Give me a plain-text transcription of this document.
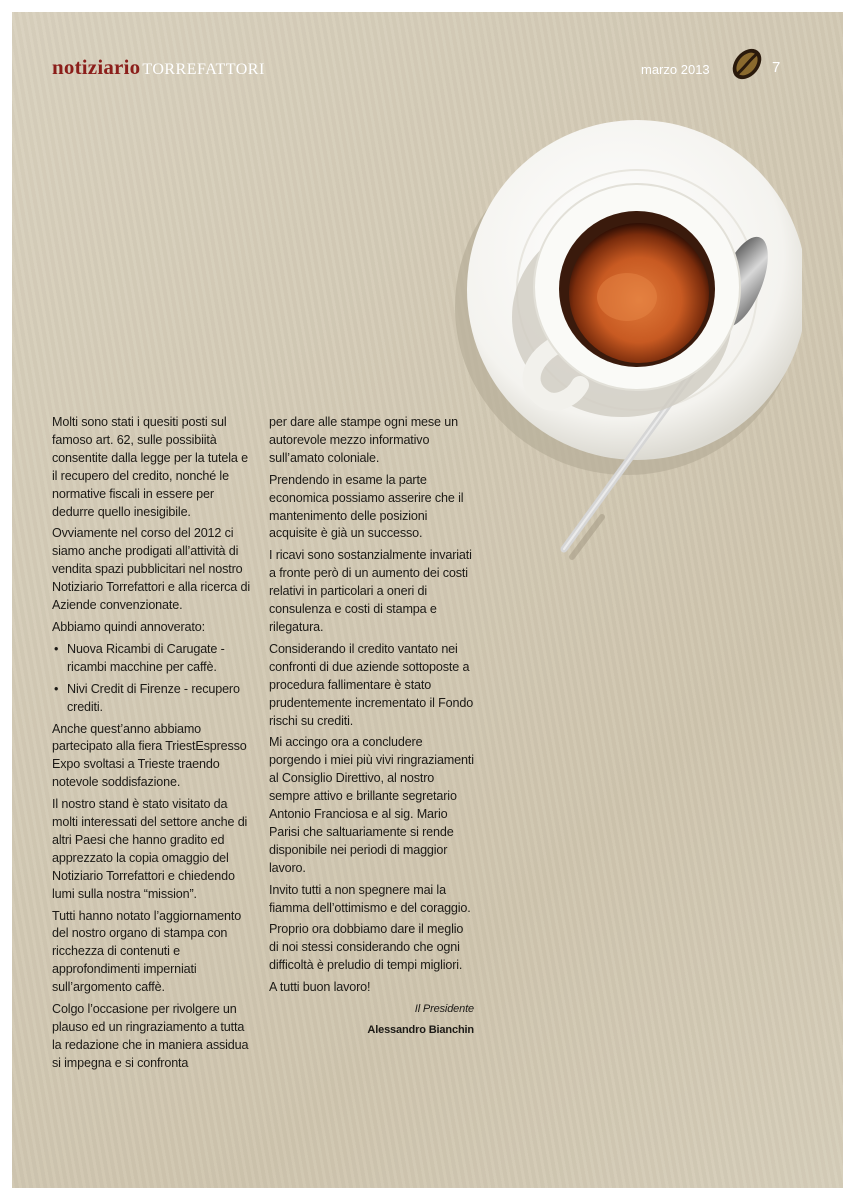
notiziario TORREFATTORI	marzo 2013	7

Molti sono stati i quesiti posti sul famoso art. 62, sulle possibiità consentite dalla legge per la tutela e il recupero del credito, nonché le normative fiscali in essere per dedurre quello inesigibile.

Ovviamente nel corso del 2012 ci siamo anche prodigati all’attività di vendita spazi pubblicitari nel nostro Notiziario Torrefattori e alla ricerca di Aziende convenzionate.

Abbiamo quindi annoverato:

• Nuova Ricambi di Carugate - ricambi macchine per caffè.
• Nivi Credit di Firenze - recupero crediti.

Anche quest’anno abbiamo partecipato alla fiera TriestEspresso Expo svoltasi a Trieste traendo notevole soddisfazione.

Il nostro stand è stato visitato da molti interessati del settore anche di altri Paesi che hanno gradito ed apprezzato la copia omaggio del Notiziario Torrefattori e chiedendo lumi sulla nostra “mission”.

Tutti hanno notato l’aggiornamento del nostro organo di stampa con ricchezza di contenuti e approfondimenti imperniati sull’argomento caffè.

Colgo l’occasione per rivolgere un plauso ed un ringraziamento a tutta la redazione che in maniera assidua si impegna e si confronta

per dare alle stampe ogni mese un autorevole mezzo informativo sull’amato coloniale.

Prendendo in esame la parte economica possiamo asserire che il mantenimento delle posizioni acquisite è già un successo.

I ricavi sono sostanzialmente invariati a fronte però di un aumento dei costi relativi in particolari a oneri di consulenza e costi di stampa e rilegatura.

Considerando il credito vantato nei confronti di due aziende sottoposte a procedura fallimentare è stato prudentemente incrementato il Fondo rischi su crediti.

Mi accingo ora a concludere porgendo i miei più vivi ringraziamenti al Consiglio Direttivo, al nostro sempre attivo e brillante segretario Antonio Franciosa e al sig. Mario Parisi che saltuariamente si rende disponibile nei periodi di maggior lavoro.

Invito tutti a non spegnere mai la fiamma dell’ottimismo e del coraggio.

Proprio ora dobbiamo dare il meglio di noi stessi considerando che ogni difficoltà è preludio di tempi migliori.

A tutti buon lavoro!

Il Presidente
Alessandro Bianchin
